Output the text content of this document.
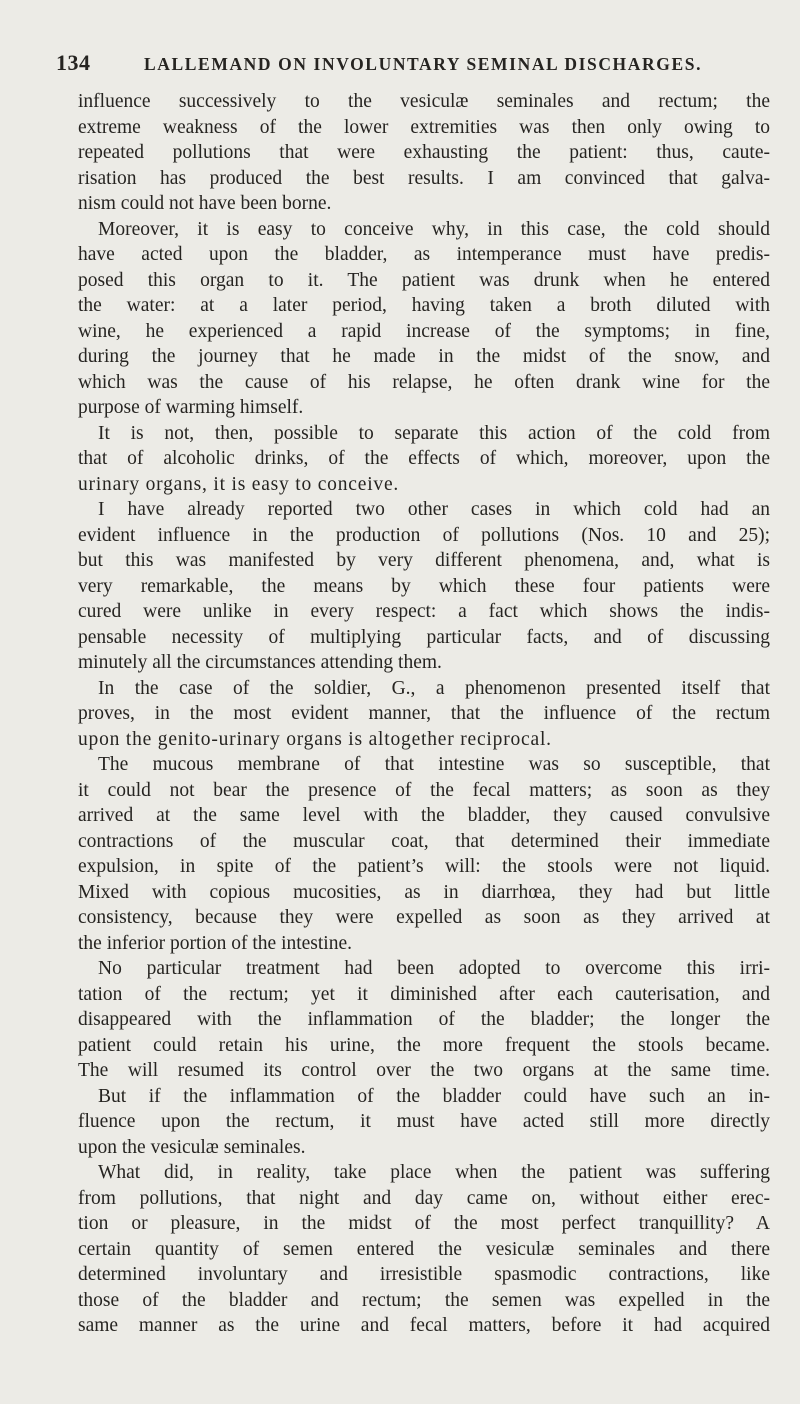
134	LALLEMAND ON INVOLUNTARY SEMINAL DISCHARGES.
influence successively to the vesiculæ seminales and rectum; the
extreme weakness of the lower extremities was then only owing to
repeated pollutions that were exhausting the patient: thus, caute-
risation has produced the best results. I am convinced that galva-
nism could not have been borne.
Moreover, it is easy to conceive why, in this case, the cold should
have acted upon the bladder, as intemperance must have predis-
posed this organ to it. The patient was drunk when he entered
the water: at a later period, having taken a broth diluted with
wine, he experienced a rapid increase of the symptoms; in fine,
during the journey that he made in the midst of the snow, and
which was the cause of his relapse, he often drank wine for the
purpose of warming himself.
It is not, then, possible to separate this action of the cold from
that of alcoholic drinks, of the effects of which, moreover, upon the
urinary organs, it is easy to conceive.
I have already reported two other cases in which cold had an
evident influence in the production of pollutions (Nos. 10 and 25);
but this was manifested by very different phenomena, and, what is
very remarkable, the means by which these four patients were
cured were unlike in every respect: a fact which shows the indis-
pensable necessity of multiplying particular facts, and of discussing
minutely all the circumstances attending them.
In the case of the soldier, G., a phenomenon presented itself that
proves, in the most evident manner, that the influence of the rectum
upon the genito-urinary organs is altogether reciprocal.
The mucous membrane of that intestine was so susceptible, that
it could not bear the presence of the fecal matters; as soon as they
arrived at the same level with the bladder, they caused convulsive
contractions of the muscular coat, that determined their immediate
expulsion, in spite of the patient’s will: the stools were not liquid.
Mixed with copious mucosities, as in diarrhœa, they had but little
consistency, because they were expelled as soon as they arrived at
the inferior portion of the intestine.
No particular treatment had been adopted to overcome this irri-
tation of the rectum; yet it diminished after each cauterisation, and
disappeared with the inflammation of the bladder; the longer the
patient could retain his urine, the more frequent the stools became.
The will resumed its control over the two organs at the same time.
But if the inflammation of the bladder could have such an in-
fluence upon the rectum, it must have acted still more directly
upon the vesiculæ seminales.
What did, in reality, take place when the patient was suffering
from pollutions, that night and day came on, without either erec-
tion or pleasure, in the midst of the most perfect tranquillity? A
certain quantity of semen entered the vesiculæ seminales and there
determined involuntary and irresistible spasmodic contractions, like
those of the bladder and rectum; the semen was expelled in the
same manner as the urine and fecal matters, before it had acquired
